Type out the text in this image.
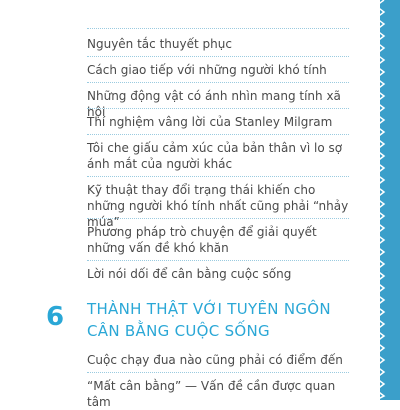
Nguyên tắc thuyết phục
Cách giao tiếp với những người khó tính
Những động vật có ánh nhìn mang tính xã hội
Thí nghiệm vâng lời của Stanley Milgram
Tôi che giấu cảm xúc của bản thân vì lo sợ ánh mắt của người khác
Kỹ thuật thay đổi trạng thái khiến cho những người khó tính nhất cũng phải “nhảy múa”
Phương pháp trò chuyện để giải quyết những vấn đề khó khăn
Lời nói dối để cân bằng cuộc sống
6 THÀNH THẬT VỚI TUYÊN NGÔN
CÂN BẰNG CUỘC SỐNG
Cuộc chạy đua nào cũng phải có điểm đến
“Mất cân bằng” — Vấn đề cần được quan tâm
